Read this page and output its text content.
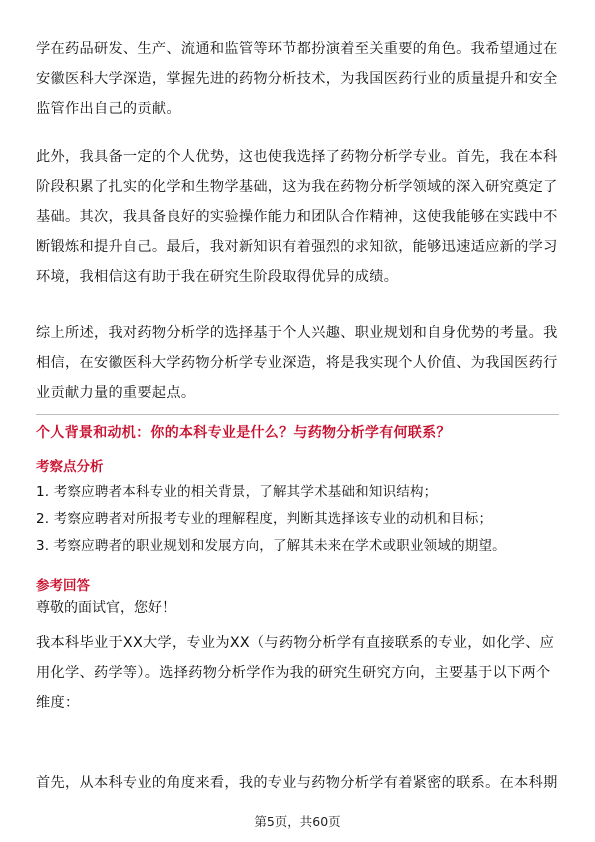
学在药品研发、生产、流通和监管等环节都扮演着至关重要的角色。我希望通过在安徽医科大学深造，掌握先进的药物分析技术，为我国医药行业的质量提升和安全监管作出自己的贡献。

此外，我具备一定的个人优势，这也使我选择了药物分析学专业。首先，我在本科阶段积累了扎实的化学和生物学基础，这为我在药物分析学领域的深入研究奠定了基础。其次，我具备良好的实验操作能力和团队合作精神，这使我能够在实践中不断锻炼和提升自己。最后，我对新知识有着强烈的求知欲，能够迅速适应新的学习环境，我相信这有助于我在研究生阶段取得优异的成绩。

综上所述，我对药物分析学的选择基于个人兴趣、职业规划和自身优势的考量。我相信，在安徽医科大学药物分析学专业深造，将是我实现个人价值、为我国医药行业贡献力量的重要起点。

个人背景和动机：你的本科专业是什么？与药物分析学有何联系？

考察点分析

1. 考察应聘者本科专业的相关背景，了解其学术基础和知识结构；
2. 考察应聘者对所报考专业的理解程度，判断其选择该专业的动机和目标；
3. 考察应聘者的职业规划和发展方向，了解其未来在学术或职业领域的期望。

参考回答

尊敬的面试官，您好！

我本科毕业于XX大学，专业为XX（与药物分析学有直接联系的专业，如化学、应用化学、药学等）。选择药物分析学作为我的研究生研究方向，主要基于以下两个维度：

首先，从本科专业的角度来看，我的专业与药物分析学有着紧密的联系。在本科期

第5页，共60页
